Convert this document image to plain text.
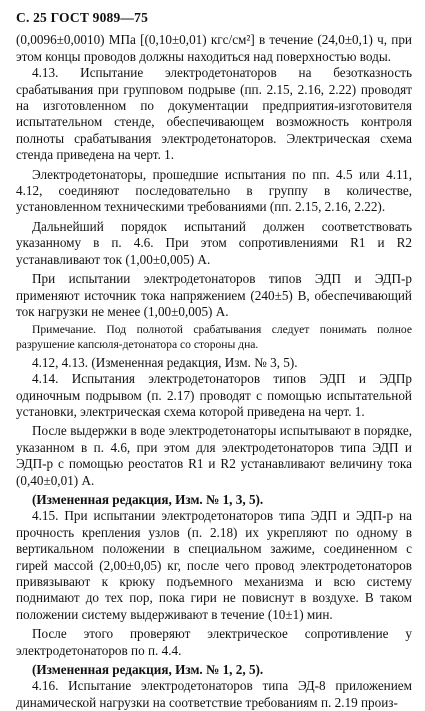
С. 25 ГОСТ 9089—75

(0,0096±0,0010) МПа [(0,10±0,01) кгс/см²] в течение (24,0±0,1) ч, при этом концы проводов должны находиться над поверхностью воды.

4.13. Испытание электродетонаторов на безотказность срабатывания при групповом подрыве (пп. 2.15, 2.16, 2.22) проводят на изготовленном по документации предприятия-изготовителя испытательном стенде, обеспечивающем возможность контроля полноты срабатывания электродетонаторов. Электрическая схема стенда приведена на черт. 1.

Электродетонаторы, прошедшие испытания по пп. 4.5 или 4.11, 4.12, соединяют последовательно в группу в количестве, установленном техническими требованиями (пп. 2.15, 2.16, 2.22).

Дальнейший порядок испытаний должен соответствовать указанному в п. 4.6. При этом сопротивлениями R1 и R2 устанавливают ток (1,00±0,005) А.

При испытании электродетонаторов типов ЭДП и ЭДП-р применяют источник тока напряжением (240±5) В, обеспечивающий ток нагрузки не менее (1,00±0,005) А.

Примечание. Под полнотой срабатывания следует понимать полное разрушение капсюля-детонатора со стороны дна.

4.12, 4.13. (Измененная редакция, Изм. № 3, 5).

4.14. Испытания электродетонаторов типов ЭДП и ЭДПр одиночным подрывом (п. 2.17) проводят с помощью испытательной установки, электрическая схема которой приведена на черт. 1.

После выдержки в воде электродетонаторы испытывают в порядке, указанном в п. 4.6, при этом для электродетонаторов типа ЭДП и ЭДП-р с помощью реостатов R1 и R2 устанавливают величину тока (0,40±0,01) А.

(Измененная редакция, Изм. № 1, 3, 5).

4.15. При испытании электродетонаторов типа ЭДП и ЭДП-р на прочность крепления узлов (п. 2.18) их укрепляют по одному в вертикальном положении в специальном зажиме, соединенном с гирей массой (2,00±0,05) кг, после чего провод электродетонаторов привязывают к крюку подъемного механизма и всю систему поднимают до тех пор, пока гири не повиснут в воздухе. В таком положении систему выдерживают в течение (10±1) мин.

После этого проверяют электрическое сопротивление у электродетонаторов по п. 4.4.

(Измененная редакция, Изм. № 1, 2, 5).

4.16. Испытание электродетонаторов типа ЭД-8 приложением динамической нагрузки на соответствие требованиям п. 2.19 произ-
